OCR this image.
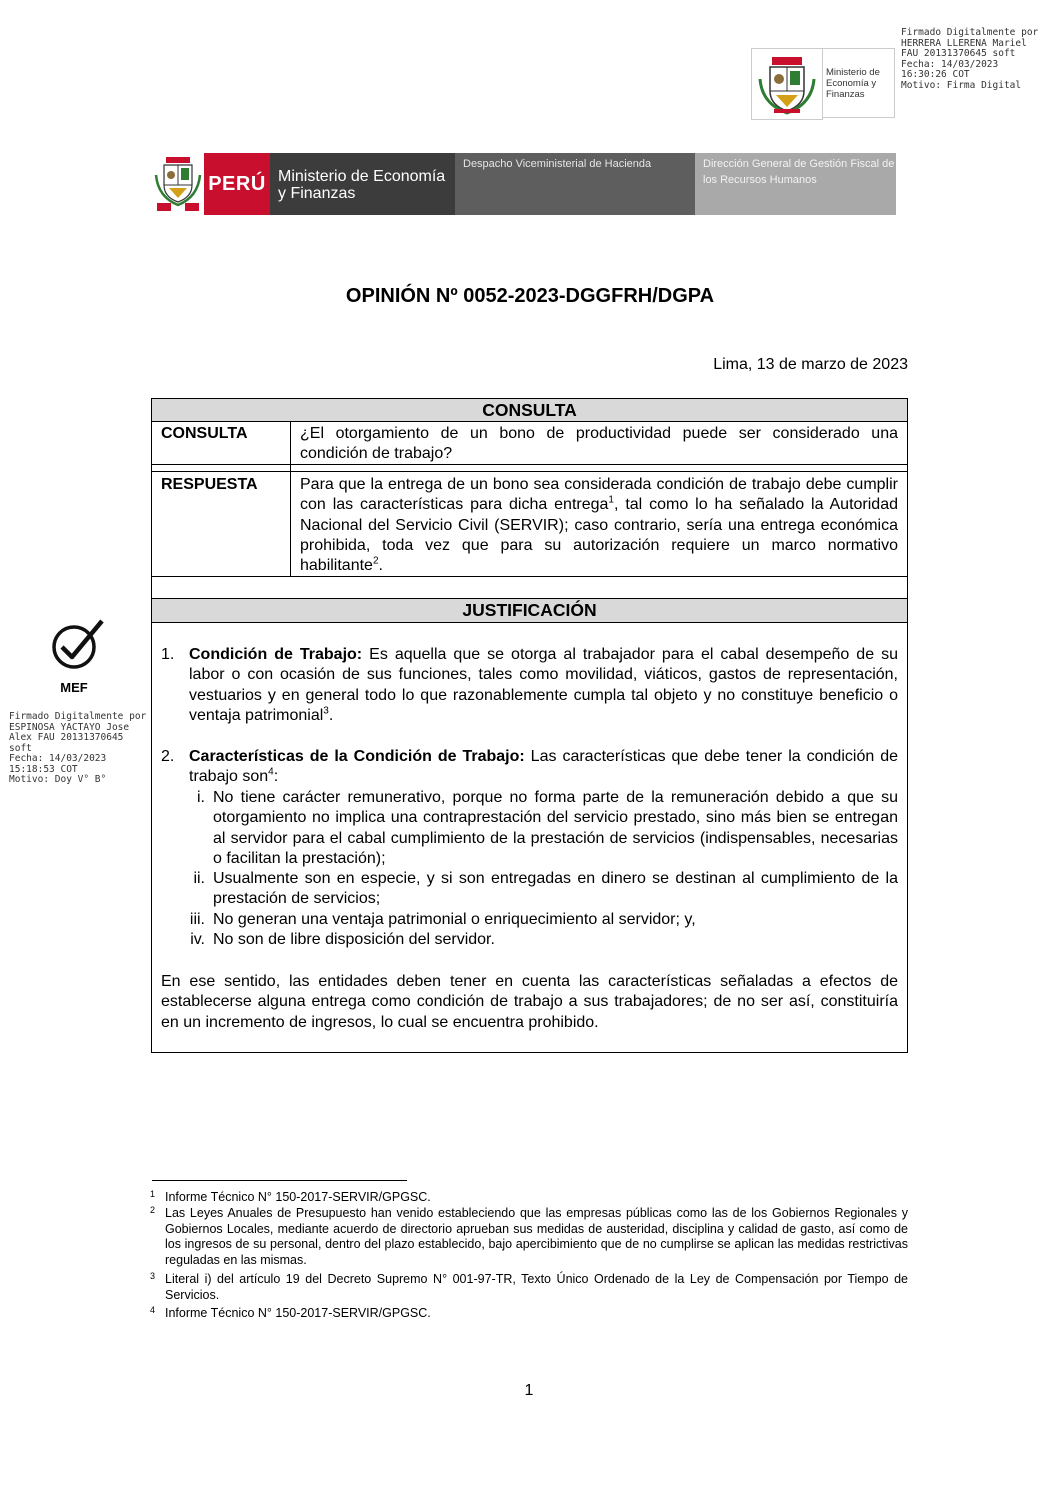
Ministerio de Economía y Finanzas
Firmado Digitalmente por
HERRERA LLERENA Mariel
FAU 20131370645 soft
Fecha: 14/03/2023
16:30:26 COT
Motivo: Firma Digital
PERÚ Ministerio de Economía y Finanzas
Despacho Viceministerial de Hacienda	Dirección General de Gestión Fiscal de los Recursos Humanos
OPINIÓN Nº 0052-2023-DGGFRH/DGPA
Lima, 13 de marzo de 2023
CONSULTA
CONSULTA	¿El otorgamiento de un bono de productividad puede ser considerado una condición de trabajo?
RESPUESTA	Para que la entrega de un bono sea considerada condición de trabajo debe cumplir con las características para dicha entrega$^1$, tal como lo ha señalado la Autoridad Nacional del Servicio Civil (SERVIR); caso contrario, sería una entrega económica prohibida, toda vez que para su autorización requiere un marco normativo habilitante$^2$.
JUSTIFICACIÓN
1. Condición de Trabajo: Es aquella que se otorga al trabajador para el cabal desempeño de su labor o con ocasión de sus funciones, tales como movilidad, viáticos, gastos de representación, vestuarios y en general todo lo que razonablemente cumpla tal objeto y no constituye beneficio o ventaja patrimonial$^3$.
2. Características de la Condición de Trabajo: Las características que debe tener la condición de trabajo son$^4$:
i. No tiene carácter remunerativo, porque no forma parte de la remuneración debido a que su otorgamiento no implica una contraprestación del servicio prestado, sino más bien se entregan al servidor para el cabal cumplimiento de la prestación de servicios (indispensables, necesarias o facilitan la prestación);
ii. Usualmente son en especie, y si son entregadas en dinero se destinan al cumplimiento de la prestación de servicios;
iii. No generan una ventaja patrimonial o enriquecimiento al servidor; y,
iv. No son de libre disposición del servidor.
En ese sentido, las entidades deben tener en cuenta las características señaladas a efectos de establecerse alguna entrega como condición de trabajo a sus trabajadores; de no ser así, constituiría en un incremento de ingresos, lo cual se encuentra prohibido.
MEF
Firmado Digitalmente por
ESPINOSA YACTAYO Jose
Alex FAU 20131370645
soft
Fecha: 14/03/2023
15:18:53 COT
Motivo: Doy V° B°
1 Informe Técnico N° 150-2017-SERVIR/GPGSC.
2 Las Leyes Anuales de Presupuesto han venido estableciendo que las empresas públicas como las de los Gobiernos Regionales y Gobiernos Locales, mediante acuerdo de directorio aprueban sus medidas de austeridad, disciplina y calidad de gasto, así como de los ingresos de su personal, dentro del plazo establecido, bajo apercibimiento que de no cumplirse se aplican las medidas restrictivas reguladas en las mismas.
3 Literal i) del artículo 19 del Decreto Supremo N° 001-97-TR, Texto Único Ordenado de la Ley de Compensación por Tiempo de Servicios.
4 Informe Técnico N° 150-2017-SERVIR/GPGSC.
1
